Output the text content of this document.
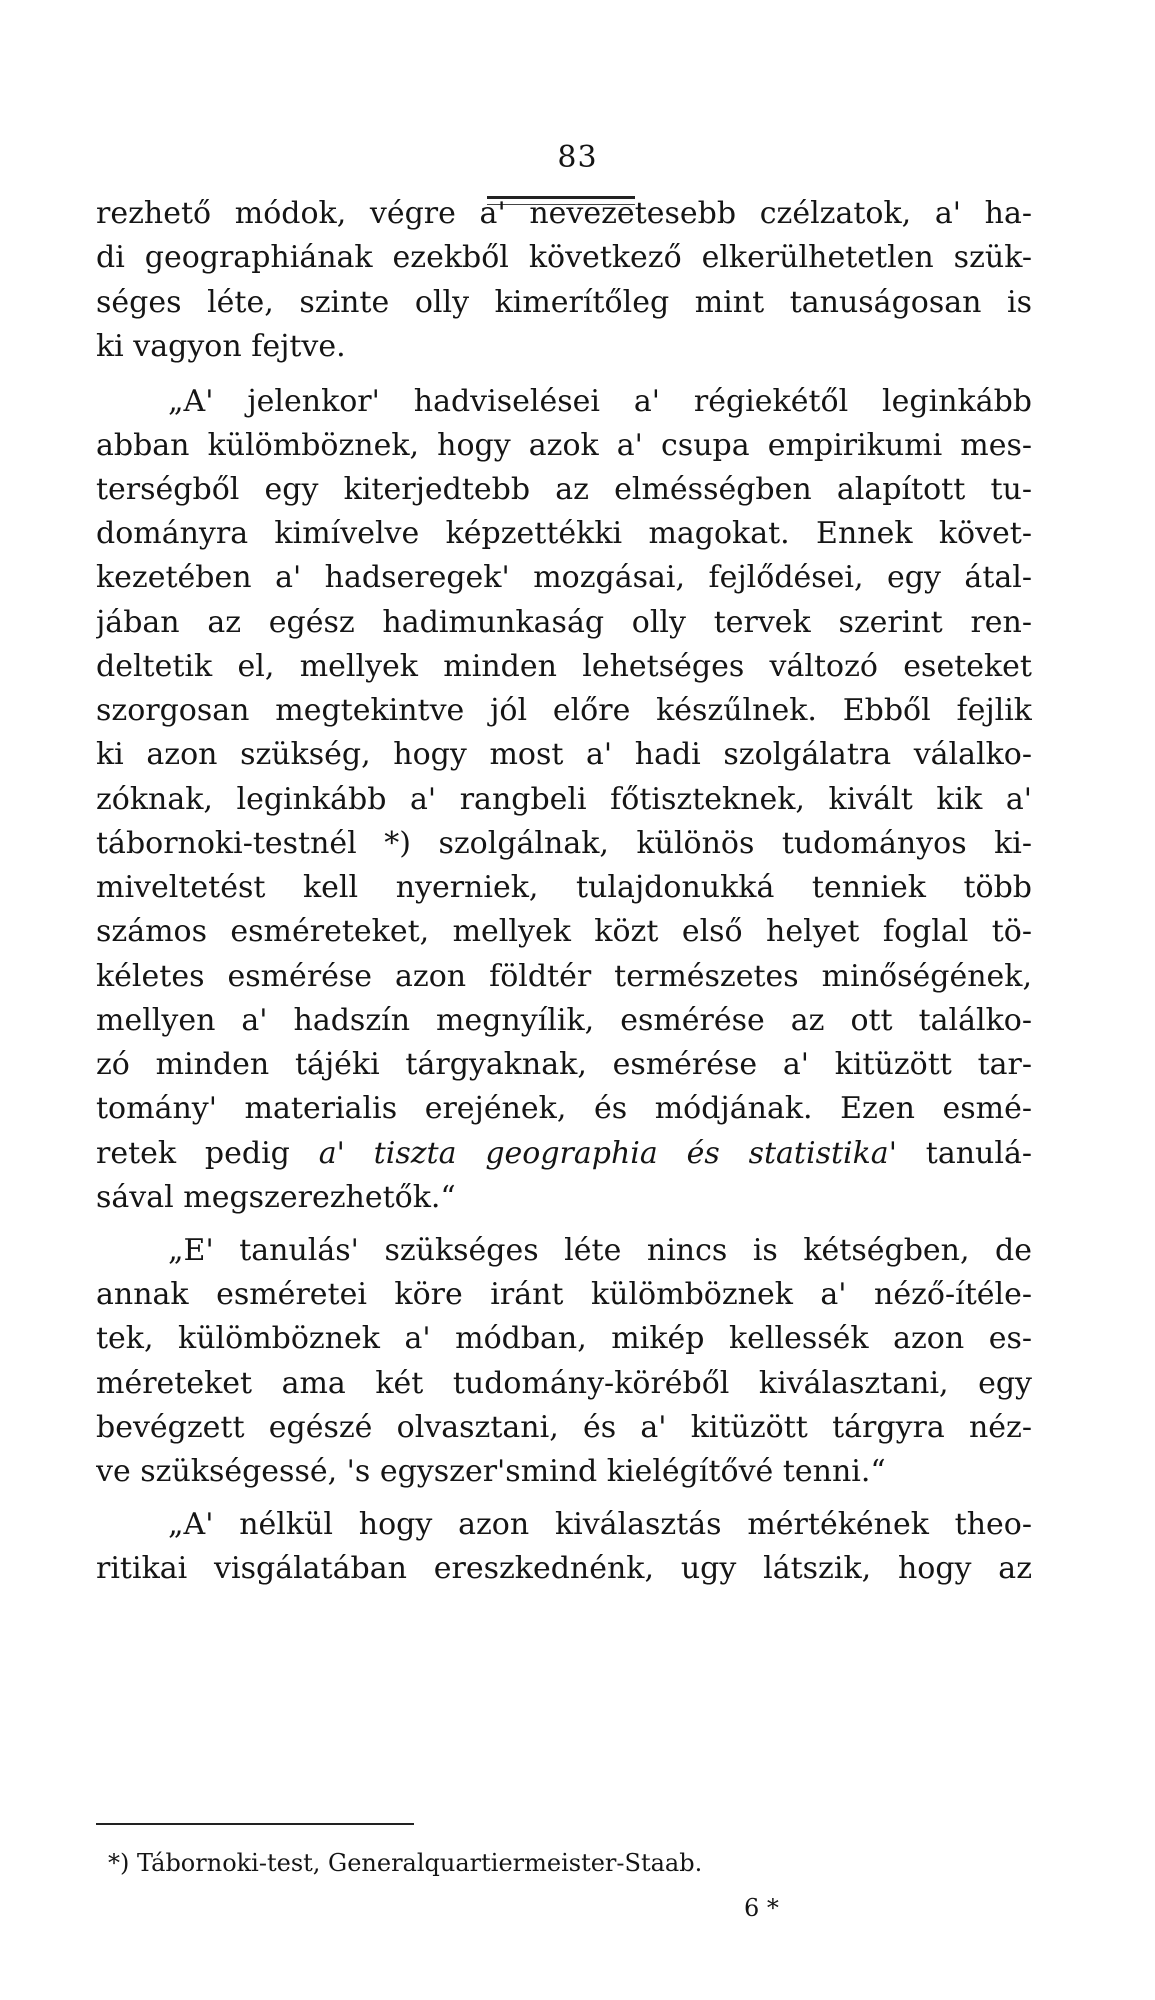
83
rezhető módok, végre a' nevezetesebb czélzatok, a' ha-
di geographiának ezekből következő elkerülhetetlen szük-
séges léte, szinte olly kimerítőleg mint tanuságosan is
ki vagyon fejtve.
„A' jelenkor' hadviselései a' régiekétől leginkább
abban külömböznek, hogy azok a' csupa empirikumi mes-
terségből egy kiterjedtebb az elmésségben alapított tu-
dományra kimívelve képzettékki magokat. Ennek követ-
kezetében a' hadseregek' mozgásai, fejlődései, egy átal-
jában az egész hadimunkaság olly tervek szerint ren-
deltetik el, mellyek minden lehetséges változó eseteket
szorgosan megtekintve jól előre készűlnek. Ebből fejlik
ki azon szükség, hogy most a' hadi szolgálatra válalko-
zóknak, leginkább a' rangbeli főtiszteknek, kivált kik a'
tábornoki-testnél *) szolgálnak, különös tudományos ki-
miveltetést kell nyerniek, tulajdonukká tenniek több
számos esméreteket, mellyek közt első helyet foglal tö-
kéletes esmérése azon földtér természetes minőségének,
mellyen a' hadszín megnyílik, esmérése az ott találko-
zó minden tájéki tárgyaknak, esmérése a' kitüzött tar-
tomány' materialis erejének, és módjának. Ezen esmé-
retek pedig a' tiszta geographia és statistika' tanulá-
sával megszerezhetők.“
„E' tanulás' szükséges léte nincs is kétségben, de
annak esméretei köre iránt külömböznek a' néző-ítéle-
tek, külömböznek a' módban, mikép kellessék azon es-
méreteket ama két tudomány-köréből kiválasztani, egy
bevégzett egészé olvasztani, és a' kitüzött tárgyra néz-
ve szükségessé, 's egyszer'smind kielégítővé tenni.“
„A' nélkül hogy azon kiválasztás mértékének theo-
ritikai visgálatában ereszkednénk, ugy látszik, hogy az
*) Tábornoki-test, Generalquartiermeister-Staab.
6 *
